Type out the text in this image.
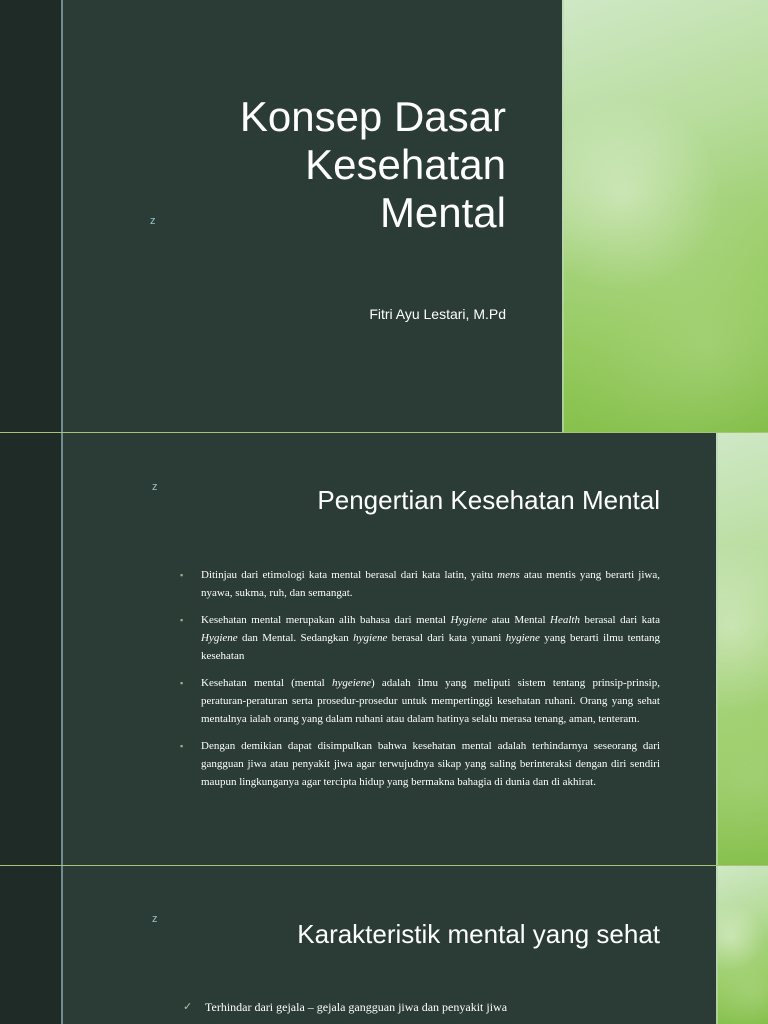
z
Konsep Dasar
Kesehatan
Mental
Fitri Ayu Lestari, M.Pd
z	Pengertian Kesehatan Mental
▪ Ditinjau dari etimologi kata mental berasal dari kata latin, yaitu mens atau mentis yang berarti jiwa, nyawa, sukma, ruh, dan semangat.
▪ Kesehatan mental merupakan alih bahasa dari mental Hygiene atau Mental Health berasal dari kata Hygiene dan Mental. Sedangkan hygiene berasal dari kata yunani hygiene yang berarti ilmu tentang kesehatan
▪ Kesehatan mental (mental hygeiene) adalah ilmu yang meliputi sistem tentang prinsip-prinsip, peraturan-peraturan serta prosedur-prosedur untuk mempertinggi kesehatan ruhani. Orang yang sehat mentalnya ialah orang yang dalam ruhani atau dalam hatinya selalu merasa tenang, aman, tenteram.
▪ Dengan demikian dapat disimpulkan bahwa kesehatan mental adalah terhindarnya seseorang dari gangguan jiwa atau penyakit jiwa agar terwujudnya sikap yang saling berinteraksi dengan diri sendiri maupun lingkunganya agar tercipta hidup yang bermakna bahagia di dunia dan di akhirat.
z	Karakteristik mental yang sehat
✓ Terhindar dari gejala – gejala gangguan jiwa dan penyakit jiwa
